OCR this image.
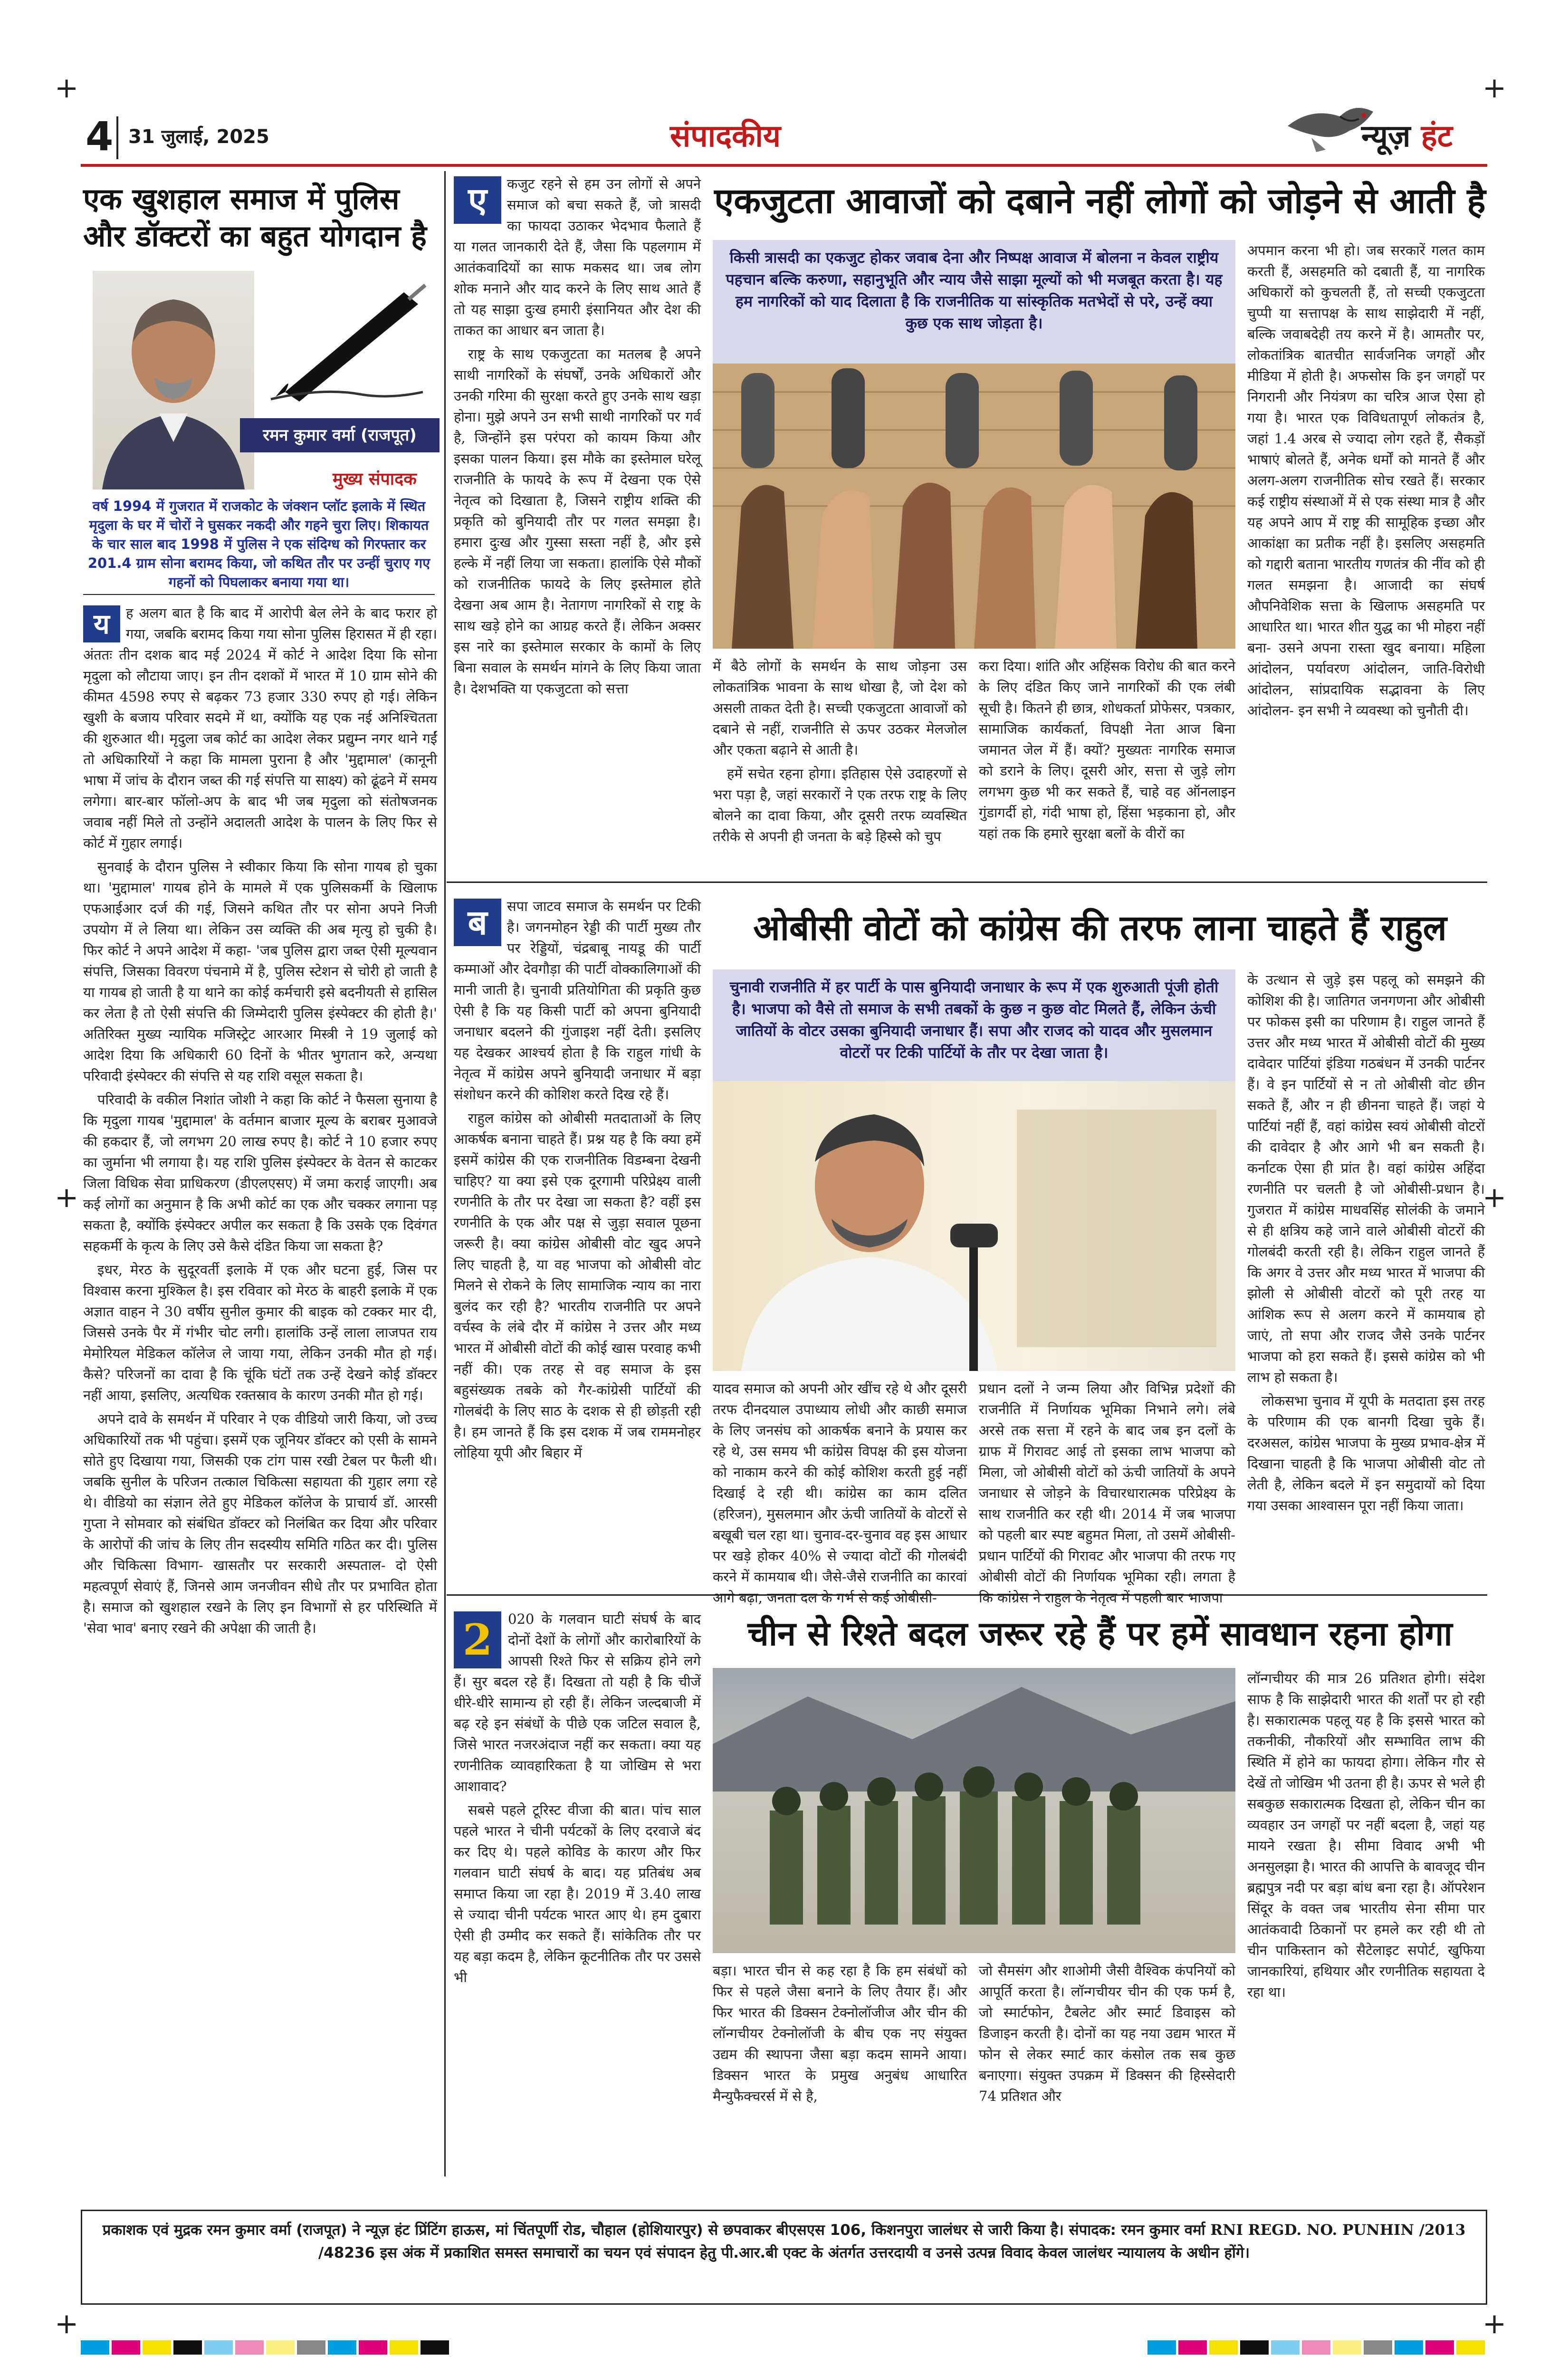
+	+
+	+
+	+
4 31 जुलाई, 2025	संपादकीय	न्यूज़ हंट
एक खुशहाल समाज में पुलिस और डॉक्टरों का बहुत योगदान है
रमन कुमार वर्मा (राजपूत)
मुख्य संपादक
वर्ष 1994 में गुजरात में राजकोट के जंक्शन प्लॉट इलाके में स्थित मृदुला के घर में चोरों ने घुसकर नकदी और गहने चुरा लिए। शिकायत के चार साल बाद 1998 में पुलिस ने एक संदिग्ध को गिरफ्तार कर 201.4 ग्राम सोना बरामद किया, जो कथित तौर पर उन्हीं चुराए गए गहनों को पिघलाकर बनाया गया था।
य	ह अलग बात है कि बाद में आरोपी बेल लेने के बाद फरार हो गया, जबकि बरामद किया गया सोना पुलिस हिरासत में ही रहा। अंततः तीन दशक बाद मई 2024 में कोर्ट ने आदेश दिया कि सोना मृदुला को लौटाया जाए। इन तीन दशकों में भारत में 10 ग्राम सोने की कीमत 4598 रुपए से बढ़कर 73 हजार 330 रुपए हो गई। लेकिन खुशी के बजाय परिवार सदमे में था, क्योंकि यह एक नई अनिश्चितता की शुरुआत थी। मृदुला जब कोर्ट का आदेश लेकर प्रद्युम्न नगर थाने गईं तो अधिकारियों ने कहा कि मामला पुराना है और 'मुद्दामाल' (कानूनी भाषा में जांच के दौरान जब्त की गई संपत्ति या साक्ष्य) को ढूंढने में समय लगेगा। बार-बार फॉलो-अप के बाद भी जब मृदुला को संतोषजनक जवाब नहीं मिले तो उन्होंने अदालती आदेश के पालन के लिए फिर से कोर्ट में गुहार लगाई।

सुनवाई के दौरान पुलिस ने स्वीकार किया कि सोना गायब हो चुका था। 'मुद्दामाल' गायब होने के मामले में एक पुलिसकर्मी के खिलाफ एफआईआर दर्ज की गई, जिसने कथित तौर पर सोना अपने निजी उपयोग में ले लिया था। लेकिन उस व्यक्ति की अब मृत्यु हो चुकी है। फिर कोर्ट ने अपने आदेश में कहा- 'जब पुलिस द्वारा जब्त ऐसी मूल्यवान संपत्ति, जिसका विवरण पंचनामे में है, पुलिस स्टेशन से चोरी हो जाती है या गायब हो जाती है या थाने का कोई कर्मचारी इसे बदनीयती से हासिल कर लेता है तो ऐसी संपत्ति की जिम्मेदारी पुलिस इंस्पेक्टर की होती है।' अतिरिक्त मुख्य न्यायिक मजिस्ट्रेट आरआर मिस्त्री ने 19 जुलाई को आदेश दिया कि अधिकारी 60 दिनों के भीतर भुगतान करे, अन्यथा परिवादी इंस्पेक्टर की संपत्ति से यह राशि वसूल सकता है।

परिवादी के वकील निशांत जोशी ने कहा कि कोर्ट ने फैसला सुनाया है कि मृदुला गायब 'मुद्दामाल' के वर्तमान बाजार मूल्य के बराबर मुआवजे की हकदार हैं, जो लगभग 20 लाख रुपए है। कोर्ट ने 10 हजार रुपए का जुर्माना भी लगाया है। यह राशि पुलिस इंस्पेक्टर के वेतन से काटकर जिला विधिक सेवा प्राधिकरण (डीएलएसए) में जमा कराई जाएगी। अब कई लोगों का अनुमान है कि अभी कोर्ट का एक और चक्कर लगाना पड़ सकता है, क्योंकि इंस्पेक्टर अपील कर सकता है कि उसके एक दिवंगत सहकर्मी के कृत्य के लिए उसे कैसे दंडित किया जा सकता है?

इधर, मेरठ के सुदूरवर्ती इलाके में एक और घटना हुई, जिस पर विश्वास करना मुश्किल है। इस रविवार को मेरठ के बाहरी इलाके में एक अज्ञात वाहन ने 30 वर्षीय सुनील कुमार की बाइक को टक्कर मार दी, जिससे उनके पैर में गंभीर चोट लगी। हालांकि उन्हें लाला लाजपत राय मेमोरियल मेडिकल कॉलेज ले जाया गया, लेकिन उनकी मौत हो गई। कैसे? परिजनों का दावा है कि चूंकि घंटों तक उन्हें देखने कोई डॉक्टर नहीं आया, इसलिए, अत्यधिक रक्तस्राव के कारण उनकी मौत हो गई।

अपने दावे के समर्थन में परिवार ने एक वीडियो जारी किया, जो उच्च अधिकारियों तक भी पहुंचा। इसमें एक जूनियर डॉक्टर को एसी के सामने सोते हुए दिखाया गया, जिसकी एक टांग पास रखी टेबल पर फैली थी। जबकि सुनील के परिजन तत्काल चिकित्सा सहायता की गुहार लगा रहे थे। वीडियो का संज्ञान लेते हुए मेडिकल कॉलेज के प्राचार्य डॉ. आरसी गुप्ता ने सोमवार को संबंधित डॉक्टर को निलंबित कर दिया और परिवार के आरोपों की जांच के लिए तीन सदस्यीय समिति गठित कर दी। पुलिस और चिकित्सा विभाग- खासतौर पर सरकारी अस्पताल- दो ऐसी महत्वपूर्ण सेवाएं हैं, जिनसे आम जनजीवन सीधे तौर पर प्रभावित होता है। समाज को खुशहाल रखने के लिए इन विभागों से हर परिस्थिति में 'सेवा भाव' बनाए रखने की अपेक्षा की जाती है।

ए	कजुट रहने से हम उन लोगों से अपने समाज को बचा सकते हैं, जो त्रासदी का फायदा उठाकर भेदभाव फैलाते हैं या गलत जानकारी देते हैं, जैसा कि पहलगाम में आतंकवादियों का साफ मकसद था। जब लोग शोक मनाने और याद करने के लिए साथ आते हैं तो यह साझा दुःख हमारी इंसानियत और देश की ताकत का आधार बन जाता है।

राष्ट्र के साथ एकजुटता का मतलब है अपने साथी नागरिकों के संघर्षों, उनके अधिकारों और उनकी गरिमा की सुरक्षा करते हुए उनके साथ खड़ा होना। मुझे अपने उन सभी साथी नागरिकों पर गर्व है, जिन्होंने इस परंपरा को कायम किया और इसका पालन किया। इस मौके का इस्तेमाल घरेलू राजनीति के फायदे के रूप में देखना एक ऐसे नेतृत्व को दिखाता है, जिसने राष्ट्रीय शक्ति की प्रकृति को बुनियादी तौर पर गलत समझा है। हमारा दुःख और गुस्सा सस्ता नहीं है, और इसे हल्के में नहीं लिया जा सकता। हालांकि ऐसे मौकों को राजनीतिक फायदे के लिए इस्तेमाल होते देखना अब आम है। नेतागण नागरिकों से राष्ट्र के साथ खड़े होने का आग्रह करते हैं। लेकिन अक्सर इस नारे का इस्तेमाल सरकार के कामों के लिए बिना सवाल के समर्थन मांगने के लिए किया जाता है। देशभक्ति या एकजुटता को सत्ता

एकजुटता आवाजों को दबाने नहीं लोगों को जोड़ने से आती है
किसी त्रासदी का एकजुट होकर जवाब देना और निष्पक्ष आवाज में बोलना न केवल राष्ट्रीय पहचान बल्कि करुणा, सहानुभूति और न्याय जैसे साझा मूल्यों को भी मजबूत करता है। यह हम नागरिकों को याद दिलाता है कि राजनीतिक या सांस्कृतिक मतभेदों से परे, उन्हें क्या कुछ एक साथ जोड़ता है।

में बैठे लोगों के समर्थन के साथ जोड़ना उस लोकतांत्रिक भावना के साथ धोखा है, जो देश को असली ताकत देती है। सच्ची एकजुटता आवाजों को दबाने से नहीं, राजनीति से ऊपर उठकर मेलजोल और एकता बढ़ाने से आती है।

हमें सचेत रहना होगा। इतिहास ऐसे उदाहरणों से भरा पड़ा है, जहां सरकारों ने एक तरफ राष्ट्र के लिए बोलने का दावा किया, और दूसरी तरफ व्यवस्थित तरीके से अपनी ही जनता के बड़े हिस्से को चुप

करा दिया। शांति और अहिंसक विरोध की बात करने के लिए दंडित किए जाने नागरिकों की एक लंबी सूची है। कितने ही छात्र, शोधकर्ता प्रोफेसर, पत्रकार, सामाजिक कार्यकर्ता, विपक्षी नेता आज बिना जमानत जेल में हैं। क्यों? मुख्यतः नागरिक समाज को डराने के लिए। दूसरी ओर, सत्ता से जुड़े लोग लगभग कुछ भी कर सकते हैं, चाहे वह ऑनलाइन गुंडागर्दी हो, गंदी भाषा हो, हिंसा भड़काना हो, और यहां तक कि हमारे सुरक्षा बलों के वीरों का

अपमान करना भी हो। जब सरकारें गलत काम करती हैं, असहमति को दबाती हैं, या नागरिक अधिकारों को कुचलती हैं, तो सच्ची एकजुटता चुप्पी या सत्तापक्ष के साथ साझेदारी में नहीं, बल्कि जवाबदेही तय करने में है। आमतौर पर, लोकतांत्रिक बातचीत सार्वजनिक जगहों और मीडिया में होती है। अफसोस कि इन जगहों पर निगरानी और नियंत्रण का चरित्र आज ऐसा हो गया है। भारत एक विविधतापूर्ण लोकतंत्र है, जहां 1.4 अरब से ज्यादा लोग रहते हैं, सैकड़ों भाषाएं बोलते हैं, अनेक धर्मों को मानते हैं और अलग-अलग राजनीतिक सोच रखते हैं। सरकार कई राष्ट्रीय संस्थाओं में से एक संस्था मात्र है और यह अपने आप में राष्ट्र की सामूहिक इच्छा और आकांक्षा का प्रतीक नहीं है। इसलिए असहमति को गद्दारी बताना भारतीय गणतंत्र की नींव को ही गलत समझना है। आजादी का संघर्ष औपनिवेशिक सत्ता के खिलाफ असहमति पर आधारित था। भारत शीत युद्ध का भी मोहरा नहीं बना- उसने अपना रास्ता खुद बनाया। महिला आंदोलन, पर्यावरण आंदोलन, जाति-विरोधी आंदोलन, सांप्रदायिक सद्भावना के लिए आंदोलन- इन सभी ने व्यवस्था को चुनौती दी।

ब	सपा जाटव समाज के समर्थन पर टिकी है। जगनमोहन रेड्डी की पार्टी मुख्य तौर पर रेड्डियों, चंद्रबाबू नायडू की पार्टी कम्माओं और देवगौड़ा की पार्टी वोक्कालिगाओं की मानी जाती है। चुनावी प्रतियोगिता की प्रकृति कुछ ऐसी है कि यह किसी पार्टी को अपना बुनियादी जनाधार बदलने की गुंजाइश नहीं देती। इसलिए यह देखकर आश्चर्य होता है कि राहुल गांधी के नेतृत्व में कांग्रेस अपने बुनियादी जनाधार में बड़ा संशोधन करने की कोशिश करते दिख रहे हैं।

राहुल कांग्रेस को ओबीसी मतदाताओं के लिए आकर्षक बनाना चाहते हैं। प्रश्न यह है कि क्या हमें इसमें कांग्रेस की एक राजनीतिक विडम्बना देखनी चाहिए? या क्या इसे एक दूरगामी परिप्रेक्ष्य वाली रणनीति के तौर पर देखा जा सकता है? वहीं इस रणनीति के एक और पक्ष से जुड़ा सवाल पूछना जरूरी है। क्या कांग्रेस ओबीसी वोट खुद अपने लिए चाहती है, या वह भाजपा को ओबीसी वोट मिलने से रोकने के लिए सामाजिक न्याय का नारा बुलंद कर रही है? भारतीय राजनीति पर अपने वर्चस्व के लंबे दौर में कांग्रेस ने उत्तर और मध्य भारत में ओबीसी वोटों की कोई खास परवाह कभी नहीं की। एक तरह से वह समाज के इस बहुसंख्यक तबके को गैर-कांग्रेसी पार्टियों की गोलबंदी के लिए साठ के दशक से ही छोड़ती रही है। हम जानते हैं कि इस दशक में जब राममनोहर लोहिया यूपी और बिहार में

ओबीसी वोटों को कांग्रेस की तरफ लाना चाहते हैं राहुल
चुनावी राजनीति में हर पार्टी के पास बुनियादी जनाधार के रूप में एक शुरुआती पूंजी होती है। भाजपा को वैसे तो समाज के सभी तबकों के कुछ न कुछ वोट मिलते हैं, लेकिन ऊंची जातियों के वोटर उसका बुनियादी जनाधार हैं। सपा और राजद को यादव और मुसलमान वोटरों पर टिकी पार्टियों के तौर पर देखा जाता है।

यादव समाज को अपनी ओर खींच रहे थे और दूसरी तरफ दीनदयाल उपाध्याय लोधी और काछी समाज के लिए जनसंघ को आकर्षक बनाने के प्रयास कर रहे थे, उस समय भी कांग्रेस विपक्ष की इस योजना को नाकाम करने की कोई कोशिश करती हुई नहीं दिखाई दे रही थी। कांग्रेस का काम दलित (हरिजन), मुसलमान और ऊंची जातियों के वोटरों से बखूबी चल रहा था। चुनाव-दर-चुनाव वह इस आधार पर खड़े होकर 40% से ज्यादा वोटों की गोलबंदी करने में कामयाब थी। जैसे-जैसे राजनीति का कारवां आगे बढ़ा, जनता दल के गर्भ से कई ओबीसी-

प्रधान दलों ने जन्म लिया और विभिन्न प्रदेशों की राजनीति में निर्णायक भूमिका निभाने लगे। लंबे अरसे तक सत्ता में रहने के बाद जब इन दलों के ग्राफ में गिरावट आई तो इसका लाभ भाजपा को मिला, जो ओबीसी वोटों को ऊंची जातियों के अपने जनाधार से जोड़ने के विचारधारात्मक परिप्रेक्ष्य के साथ राजनीति कर रही थी। 2014 में जब भाजपा को पहली बार स्पष्ट बहुमत मिला, तो उसमें ओबीसी-प्रधान पार्टियों की गिरावट और भाजपा की तरफ गए ओबीसी वोटों की निर्णायक भूमिका रही। लगता है कि कांग्रेस ने राहुल के नेतृत्व में पहली बार भाजपा

के उत्थान से जुड़े इस पहलू को समझने की कोशिश की है। जातिगत जनगणना और ओबीसी पर फोकस इसी का परिणाम है। राहुल जानते हैं उत्तर और मध्य भारत में ओबीसी वोटों की मुख्य दावेदार पार्टियां इंडिया गठबंधन में उनकी पार्टनर हैं। वे इन पार्टियों से न तो ओबीसी वोट छीन सकते हैं, और न ही छीनना चाहते हैं। जहां ये पार्टियां नहीं हैं, वहां कांग्रेस स्वयं ओबीसी वोटरों की दावेदार है और आगे भी बन सकती है। कर्नाटक ऐसा ही प्रांत है। वहां कांग्रेस अहिंदा रणनीति पर चलती है जो ओबीसी-प्रधान है। गुजरात में कांग्रेस माधवसिंह सोलंकी के जमाने से ही क्षत्रिय कहे जाने वाले ओबीसी वोटरों की गोलबंदी करती रही है। लेकिन राहुल जानते हैं कि अगर वे उत्तर और मध्य भारत में भाजपा की झोली से ओबीसी वोटरों को पूरी तरह या आंशिक रूप से अलग करने में कामयाब हो जाएं, तो सपा और राजद जैसे उनके पार्टनर भाजपा को हरा सकते हैं। इससे कांग्रेस को भी लाभ हो सकता है।

लोकसभा चुनाव में यूपी के मतदाता इस तरह के परिणाम की एक बानगी दिखा चुके हैं। दरअसल, कांग्रेस भाजपा के मुख्य प्रभाव-क्षेत्र में दिखाना चाहती है कि भाजपा ओबीसी वोट तो लेती है, लेकिन बदले में इन समुदायों को दिया गया उसका आश्वासन पूरा नहीं किया जाता।

2	020 के गलवान घाटी संघर्ष के बाद दोनों देशों के लोगों और कारोबारियों के आपसी रिश्ते फिर से सक्रिय होने लगे हैं। सुर बदल रहे हैं। दिखता तो यही है कि चीजें धीरे-धीरे सामान्य हो रही हैं। लेकिन जल्दबाजी में बढ़ रहे इन संबंधों के पीछे एक जटिल सवाल है, जिसे भारत नजरअंदाज नहीं कर सकता। क्या यह रणनीतिक व्यावहारिकता है या जोखिम से भरा आशावाद?

सबसे पहले टूरिस्ट वीजा की बात। पांच साल पहले भारत ने चीनी पर्यटकों के लिए दरवाजे बंद कर दिए थे। पहले कोविड के कारण और फिर गलवान घाटी संघर्ष के बाद। यह प्रतिबंध अब समाप्त किया जा रहा है। 2019 में 3.40 लाख से ज्यादा चीनी पर्यटक भारत आए थे। हम दुबारा ऐसी ही उम्मीद कर सकते हैं। सांकेतिक तौर पर यह बड़ा कदम है, लेकिन कूटनीतिक तौर पर उससे भी

चीन से रिश्ते बदल जरूर रहे हैं पर हमें सावधान रहना होगा

बड़ा। भारत चीन से कह रहा है कि हम संबंधों को फिर से पहले जैसा बनाने के लिए तैयार हैं। और फिर भारत की डिक्सन टेक्नोलॉजीज और चीन की लॉन्गचीयर टेक्नोलॉजी के बीच एक नए संयुक्त उद्यम की स्थापना जैसा बड़ा कदम सामने आया। डिक्सन भारत के प्रमुख अनुबंध आधारित मैन्युफैक्चरर्स में से है,

जो सैमसंग और शाओमी जैसी वैश्विक कंपनियों को आपूर्ति करता है। लॉन्गचीयर चीन की एक फर्म है, जो स्मार्टफोन, टैबलेट और स्मार्ट डिवाइस को डिजाइन करती है। दोनों का यह नया उद्यम भारत में फोन से लेकर स्मार्ट कार कंसोल तक सब कुछ बनाएगा। संयुक्त उपक्रम में डिक्सन की हिस्सेदारी 74 प्रतिशत और

लॉन्गचीयर की मात्र 26 प्रतिशत होगी। संदेश साफ है कि साझेदारी भारत की शर्तों पर हो रही है। सकारात्मक पहलू यह है कि इससे भारत को तकनीकी, नौकरियों और सम्भावित लाभ की स्थिति में होने का फायदा होगा। लेकिन गौर से देखें तो जोखिम भी उतना ही है। ऊपर से भले ही सबकुछ सकारात्मक दिखता हो, लेकिन चीन का व्यवहार उन जगहों पर नहीं बदला है, जहां यह मायने रखता है। सीमा विवाद अभी भी अनसुलझा है। भारत की आपत्ति के बावजूद चीन ब्रह्मपुत्र नदी पर बड़ा बांध बना रहा है। ऑपरेशन सिंदूर के वक्त जब भारतीय सेना सीमा पार आतंकवादी ठिकानों पर हमले कर रही थी तो चीन पाकिस्तान को सैटेलाइट सपोर्ट, खुफिया जानकारियां, हथियार और रणनीतिक सहायता दे रहा था।

प्रकाशक एवं मुद्रक रमन कुमार वर्मा (राजपूत) ने न्यूज़ हंट प्रिंटिंग हाऊस, मां चिंतपूर्णी रोड, चौहाल (होशियारपुर) से छपवाकर बीएसएस 106, किशनपुरा जालंधर से जारी किया है। संपादक: रमन कुमार वर्मा RNI REGD. NO. PUNHIN /2013
/48236 इस अंक में प्रकाशित समस्त समाचारों का चयन एवं संपादन हेतु पी.आर.बी एक्ट के अंतर्गत उत्तरदायी व उनसे उत्पन्न विवाद केवल जालंधर न्यायालय के अधीन होंगे।
